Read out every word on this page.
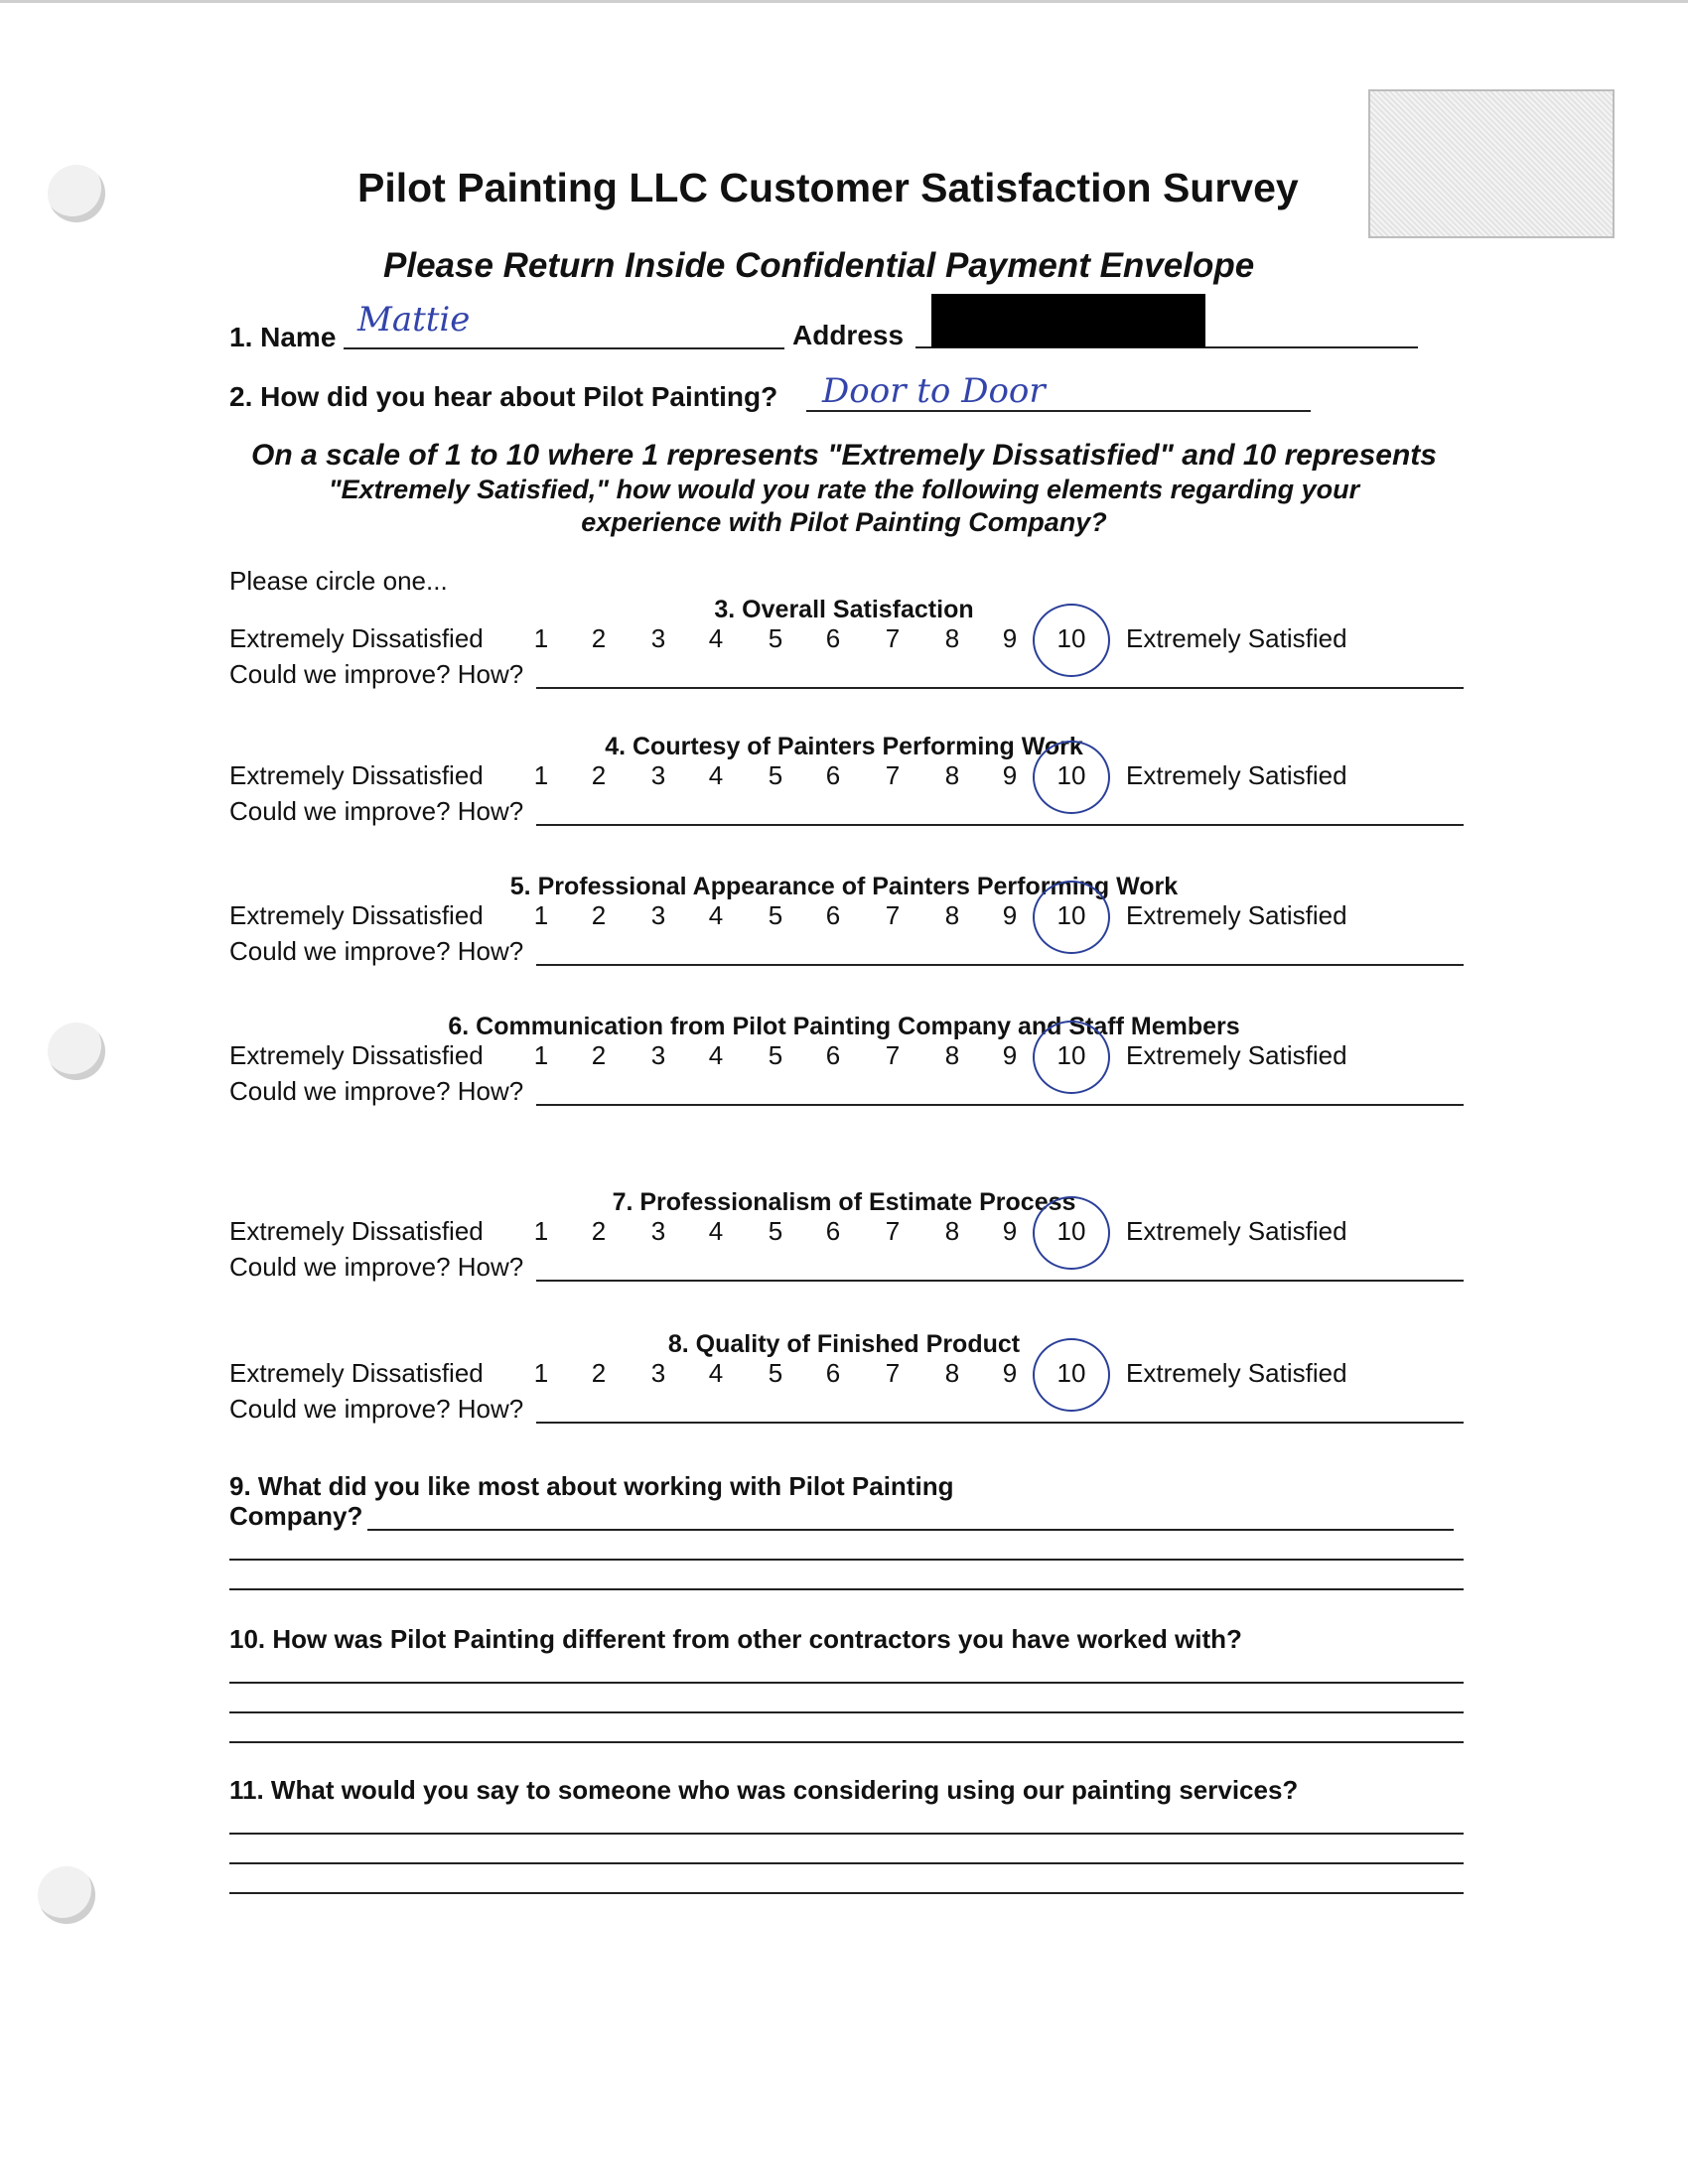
Pilot Painting LLC Customer Satisfaction Survey
Please Return Inside Confidential Payment Envelope
1. Name Mattie	Address
2. How did you hear about Pilot Painting? Door to Door
On a scale of 1 to 10 where 1 represents "Extremely Dissatisfied" and 10 represents
"Extremely Satisfied," how would you rate the following elements regarding your
experience with Pilot Painting Company?
Please circle one...
3. Overall Satisfaction
Extremely Dissatisfied 1 2 3 4 5 6 7 8 9 10 Extremely Satisfied
Could we improve? How?
4. Courtesy of Painters Performing Work
Extremely Dissatisfied 1 2 3 4 5 6 7 8 9 10 Extremely Satisfied
Could we improve? How?
5. Professional Appearance of Painters Performing Work
Extremely Dissatisfied 1 2 3 4 5 6 7 8 9 10 Extremely Satisfied
Could we improve? How?
6. Communication from Pilot Painting Company and Staff Members
Extremely Dissatisfied 1 2 3 4 5 6 7 8 9 10 Extremely Satisfied
Could we improve? How?
7. Professionalism of Estimate Process
Extremely Dissatisfied 1 2 3 4 5 6 7 8 9 10 Extremely Satisfied
Could we improve? How?
8. Quality of Finished Product
Extremely Dissatisfied 1 2 3 4 5 6 7 8 9 10 Extremely Satisfied
Could we improve? How?
9. What did you like most about working with Pilot Painting
Company?
10. How was Pilot Painting different from other contractors you have worked with?
11. What would you say to someone who was considering using our painting services?
